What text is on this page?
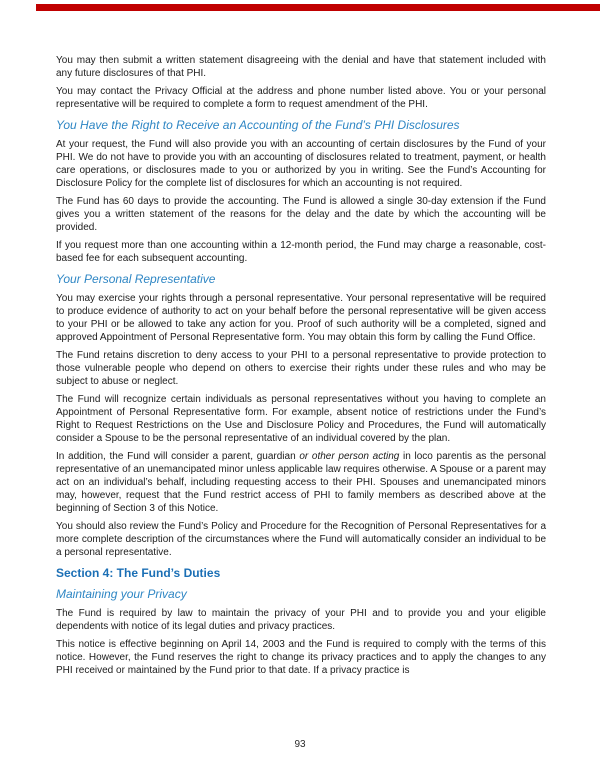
You may then submit a written statement disagreeing with the denial and have that statement included with any future disclosures of that PHI.

You may contact the Privacy Official at the address and phone number listed above. You or your personal representative will be required to complete a form to request amendment of the PHI.

You Have the Right to Receive an Accounting of the Fund’s PHI Disclosures

At your request, the Fund will also provide you with an accounting of certain disclosures by the Fund of your PHI. We do not have to provide you with an accounting of disclosures related to treatment, payment, or health care operations, or disclosures made to you or authorized by you in writing. See the Fund’s Accounting for Disclosure Policy for the complete list of disclosures for which an accounting is not required.

The Fund has 60 days to provide the accounting. The Fund is allowed a single 30-day extension if the Fund gives you a written statement of the reasons for the delay and the date by which the accounting will be provided.

If you request more than one accounting within a 12-month period, the Fund may charge a reasonable, cost-based fee for each subsequent accounting.

Your Personal Representative

You may exercise your rights through a personal representative. Your personal representative will be required to produce evidence of authority to act on your behalf before the personal representative will be given access to your PHI or be allowed to take any action for you. Proof of such authority will be a completed, signed and approved Appointment of Personal Representative form. You may obtain this form by calling the Fund Office.

The Fund retains discretion to deny access to your PHI to a personal representative to provide protection to those vulnerable people who depend on others to exercise their rights under these rules and who may be subject to abuse or neglect.

The Fund will recognize certain individuals as personal representatives without you having to complete an Appointment of Personal Representative form. For example, absent notice of restrictions under the Fund’s Right to Request Restrictions on the Use and Disclosure Policy and Procedures, the Fund will automatically consider a Spouse to be the personal representative of an individual covered by the plan.

In addition, the Fund will consider a parent, guardian or other person acting in loco parentis as the personal representative of an unemancipated minor unless applicable law requires otherwise. A Spouse or a parent may act on an individual’s behalf, including requesting access to their PHI. Spouses and unemancipated minors may, however, request that the Fund restrict access of PHI to family members as described above at the beginning of Section 3 of this Notice.

You should also review the Fund’s Policy and Procedure for the Recognition of Personal Representatives for a more complete description of the circumstances where the Fund will automatically consider an individual to be a personal representative.

Section 4: The Fund’s Duties
Maintaining your Privacy

The Fund is required by law to maintain the privacy of your PHI and to provide you and your eligible dependents with notice of its legal duties and privacy practices.

This notice is effective beginning on April 14, 2003 and the Fund is required to comply with the terms of this notice. However, the Fund reserves the right to change its privacy practices and to apply the changes to any PHI received or maintained by the Fund prior to that date. If a privacy practice is

93
